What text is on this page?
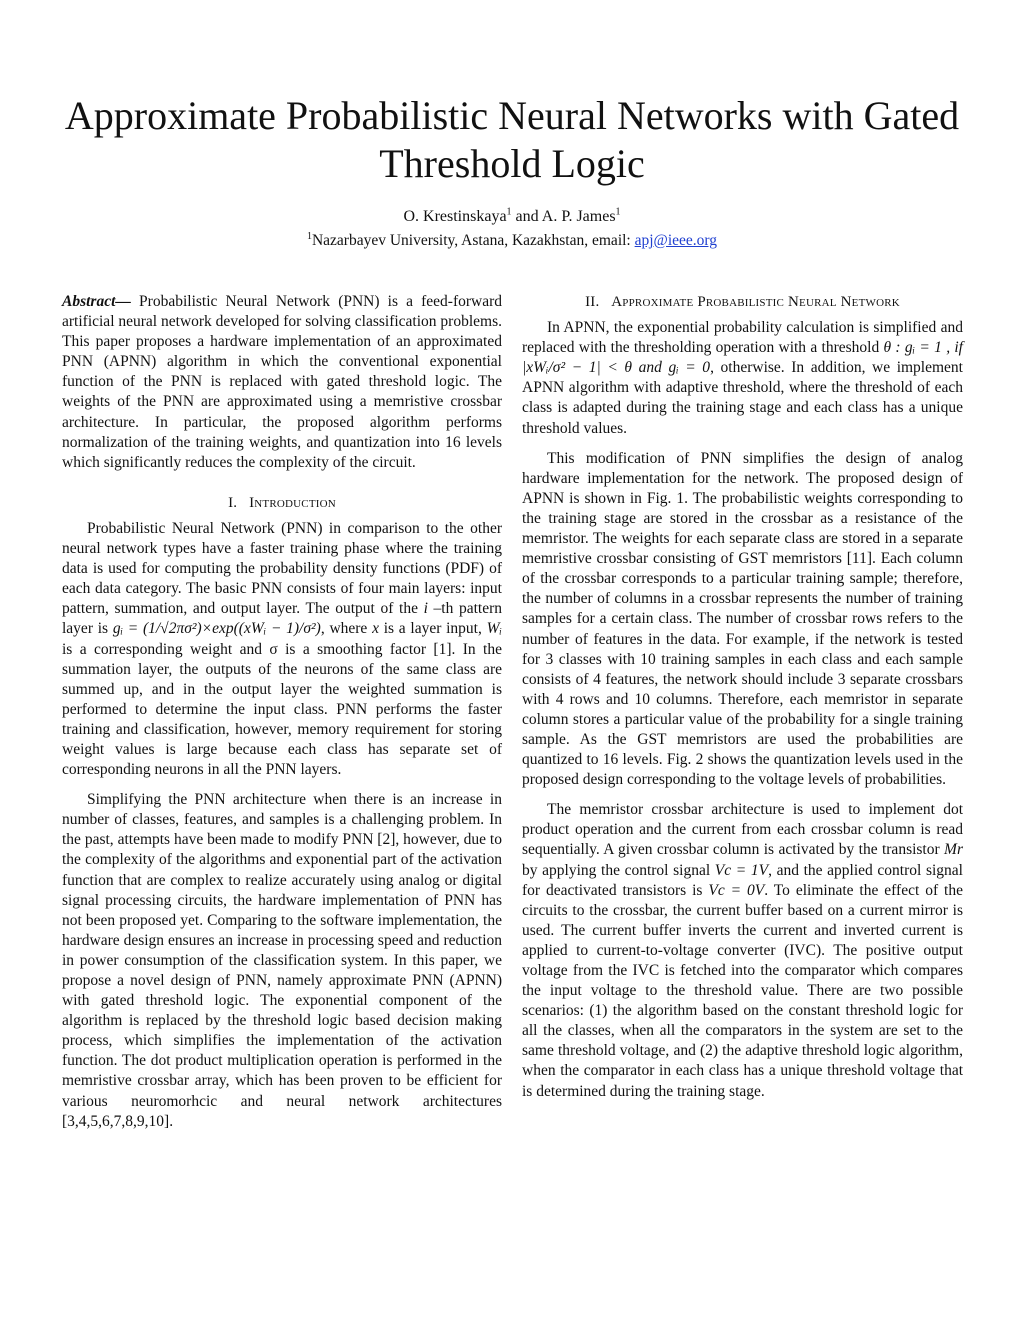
Approximate Probabilistic Neural Networks with Gated Threshold Logic
O. Krestinskaya$^1$ and A. P. James$^1$
$^1$Nazarbayev University, Astana, Kazakhstan, email: apj@ieee.org

Abstract— Probabilistic Neural Network (PNN) is a feed-forward artificial neural network developed for solving classification problems. This paper proposes a hardware implementation of an approximated PNN (APNN) algorithm in which the conventional exponential function of the PNN is replaced with gated threshold logic. The weights of the PNN are approximated using a memristive crossbar architecture. In particular, the proposed algorithm performs normalization of the training weights, and quantization into 16 levels which significantly reduces the complexity of the circuit.

I. Introduction

Probabilistic Neural Network (PNN) in comparison to the other neural network types have a faster training phase where the training data is used for computing the probability density functions (PDF) of each data category. The basic PNN consists of four main layers: input pattern, summation, and output layer. The output of the i –th pattern layer is gᵢ = (1/√2πσ²)×exp((xWᵢ − 1)/σ²), where x is a layer input, Wᵢ is a corresponding weight and σ is a smoothing factor [1]. In the summation layer, the outputs of the neurons of the same class are summed up, and in the output layer the weighted summation is performed to determine the input class. PNN performs the faster training and classification, however, memory requirement for storing weight values is large because each class has separate set of corresponding neurons in all the PNN layers.

Simplifying the PNN architecture when there is an increase in number of classes, features, and samples is a challenging problem. In the past, attempts have been made to modify PNN [2], however, due to the complexity of the algorithms and exponential part of the activation function that are complex to realize accurately using analog or digital signal processing circuits, the hardware implementation of PNN has not been proposed yet. Comparing to the software implementation, the hardware design ensures an increase in processing speed and reduction in power consumption of the classification system. In this paper, we propose a novel design of PNN, namely approximate PNN (APNN) with gated threshold logic. The exponential component of the algorithm is replaced by the threshold logic based decision making process, which simplifies the implementation of the activation function. The dot product multiplication operation is performed in the memristive crossbar array, which has been proven to be efficient for various neuromorhcic and neural network architectures [3,4,5,6,7,8,9,10].

II. Approximate Probabilistic Neural Network

In APNN, the exponential probability calculation is simplified and replaced with the thresholding operation with a threshold θ : gᵢ = 1 , if |xWᵢ/σ² − 1| < θ and gᵢ = 0, otherwise. In addition, we implement APNN algorithm with adaptive threshold, where the threshold of each class is adapted during the training stage and each class has a unique threshold values.

This modification of PNN simplifies the design of analog hardware implementation for the network. The proposed design of APNN is shown in Fig. 1. The probabilistic weights corresponding to the training stage are stored in the crossbar as a resistance of the memristor. The weights for each separate class are stored in a separate memristive crossbar consisting of GST memristors [11]. Each column of the crossbar corresponds to a particular training sample; therefore, the number of columns in a crossbar represents the number of training samples for a certain class. The number of crossbar rows refers to the number of features in the data. For example, if the network is tested for 3 classes with 10 training samples in each class and each sample consists of 4 features, the network should include 3 separate crossbars with 4 rows and 10 columns. Therefore, each memristor in separate column stores a particular value of the probability for a single training sample. As the GST memristors are used the probabilities are quantized to 16 levels. Fig. 2 shows the quantization levels used in the proposed design corresponding to the voltage levels of probabilities.

The memristor crossbar architecture is used to implement dot product operation and the current from each crossbar column is read sequentially. A given crossbar column is activated by the transistor Mr by applying the control signal Vc = 1V, and the applied control signal for deactivated transistors is Vc = 0V. To eliminate the effect of the circuits to the crossbar, the current buffer based on a current mirror is used. The current buffer inverts the current and inverted current is applied to current-to-voltage converter (IVC). The positive output voltage from the IVC is fetched into the comparator which compares the input voltage to the threshold value. There are two possible scenarios: (1) the algorithm based on the constant threshold logic for all the classes, when all the comparators in the system are set to the same threshold voltage, and (2) the adaptive threshold logic algorithm, when the comparator in each class has a unique threshold voltage that is determined during the training stage.
